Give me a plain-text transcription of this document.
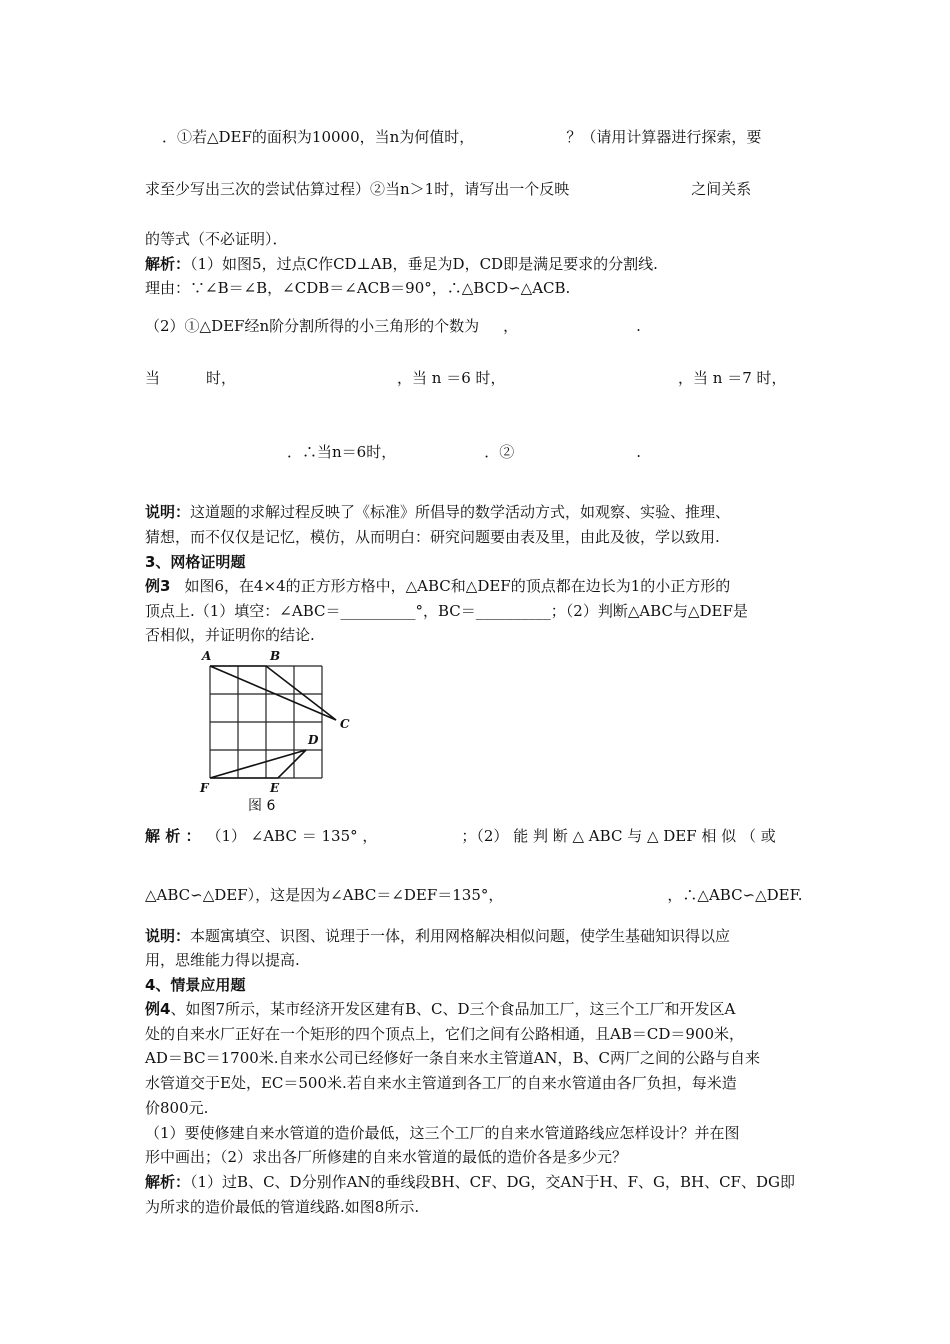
．①若△DEF的面积为10000，当n为何值时，	？（请用计算器进行探索，要
求至少写出三次的尝试估算过程）②当n＞1时，请写出一个反映	之间关系
的等式（不必证明）．
解析：（1）如图5，过点C作CD⊥AB，垂足为D，CD即是满足要求的分割线.
理由：∵∠B＝∠B，∠CDB＝∠ACB＝90°，∴△BCD∽△ACB.
（2）①△DEF经n阶分割所得的小三角形的个数为 ，	.
当	时，	，当 n ＝6 时，	，当 n ＝7 时，
．∴当n＝6时，	．②	.
说明：这道题的求解过程反映了《标准》所倡导的数学活动方式，如观察、实验、推理、
猜想，而不仅仅是记忆，模仿，从而明白：研究问题要由表及里，由此及彼，学以致用.
3、网格证明题
例3 如图6，在4×4的正方形方格中，△ABC和△DEF的顶点都在边长为1的小正方形的
顶点上.（1）填空：∠ABC＝__________°，BC＝__________；（2）判断△ABC与△DEF是
否相似，并证明你的结论.
A	B
C
D
E
F
图 6
解 析 ： （1） ∠ABC ＝ 135° ，	；（2） 能 判 断 △ ABC 与 △ DEF 相 似 （ 或
△ABC∽△DEF），这是因为∠ABC＝∠DEF＝135°，	，∴△ABC∽△DEF.
说明：本题寓填空、识图、说理于一体，利用网格解决相似问题，使学生基础知识得以应
用，思维能力得以提高.
4、情景应用题
例4、如图7所示，某市经济开发区建有B、C、D三个食品加工厂，这三个工厂和开发区A
处的自来水厂正好在一个矩形的四个顶点上，它们之间有公路相通，且AB＝CD＝900米，
AD＝BC＝1700米.自来水公司已经修好一条自来水主管道AN，B、C两厂之间的公路与自来
水管道交于E处，EC＝500米.若自来水主管道到各工厂的自来水管道由各厂负担，每米造
价800元.
（1）要使修建自来水管道的造价最低，这三个工厂的自来水管道路线应怎样设计？并在图
形中画出；（2）求出各厂所修建的自来水管道的最低的造价各是多少元？
解析：（1）过B、C、D分别作AN的垂线段BH、CF、DG，交AN于H、F、G，BH、CF、DG即
为所求的造价最低的管道线路.如图8所示.
